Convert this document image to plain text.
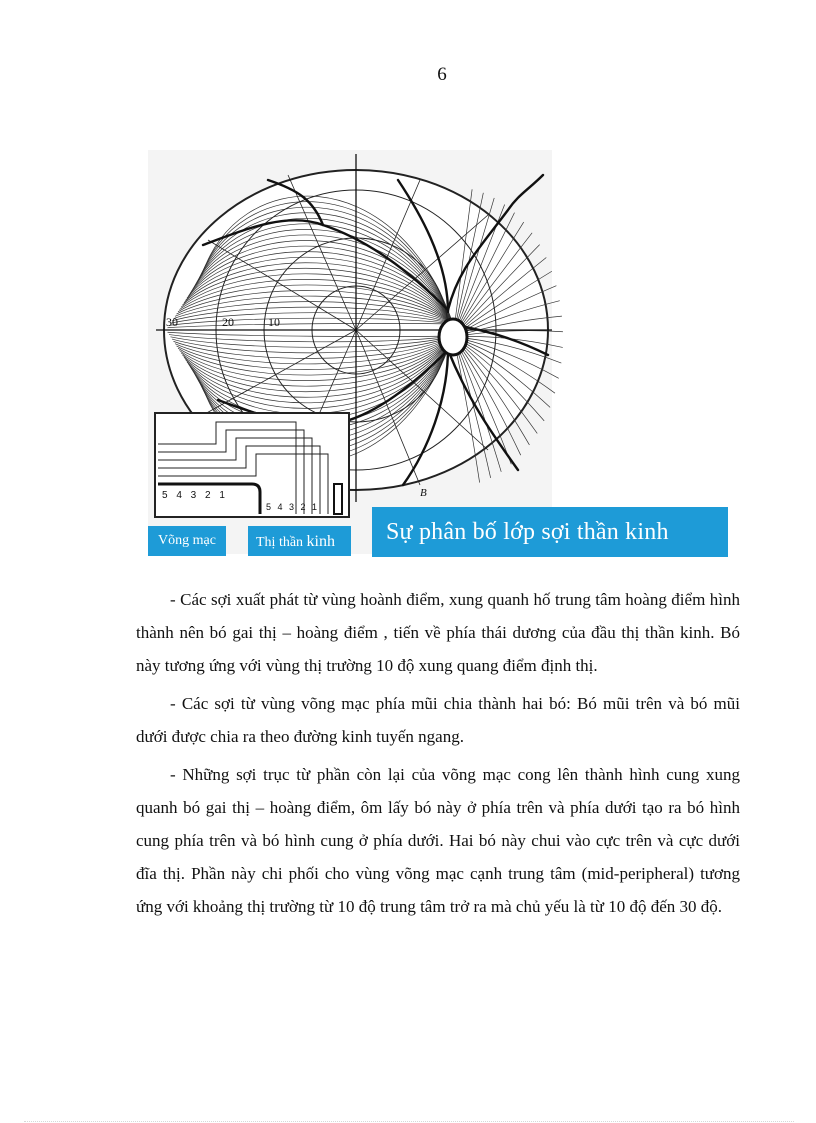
6
30	20	10
B
5 4 3 2 1
5 4 3 2 1
Võng mạc	Thị thần kinh	Sự phân bố lớp sợi thần kinh

- Các sợi xuất phát từ vùng hoành điểm, xung quanh hố trung tâm hoàng điểm hình thành nên bó gai thị – hoàng điểm , tiến về phía thái dương của đầu thị thần kinh. Bó này tương ứng với vùng thị trường 10 độ xung quang điểm định thị.

- Các sợi từ vùng võng mạc phía mũi chia thành hai bó: Bó mũi trên và bó mũi dưới được chia ra theo đường kinh tuyến ngang.

- Những sợi trục từ phần còn lại của võng mạc cong lên thành hình cung xung quanh bó gai thị – hoàng điểm, ôm lấy bó này ở phía trên và phía dưới tạo ra bó hình cung phía trên và bó hình cung ở phía dưới. Hai bó này chui vào cực trên và cực dưới đĩa thị. Phần này chi phối cho vùng võng mạc cạnh trung tâm (mid-peripheral) tương ứng với khoảng thị trường từ 10 độ trung tâm trở ra mà chủ yếu là từ 10 độ đến 30 độ.
